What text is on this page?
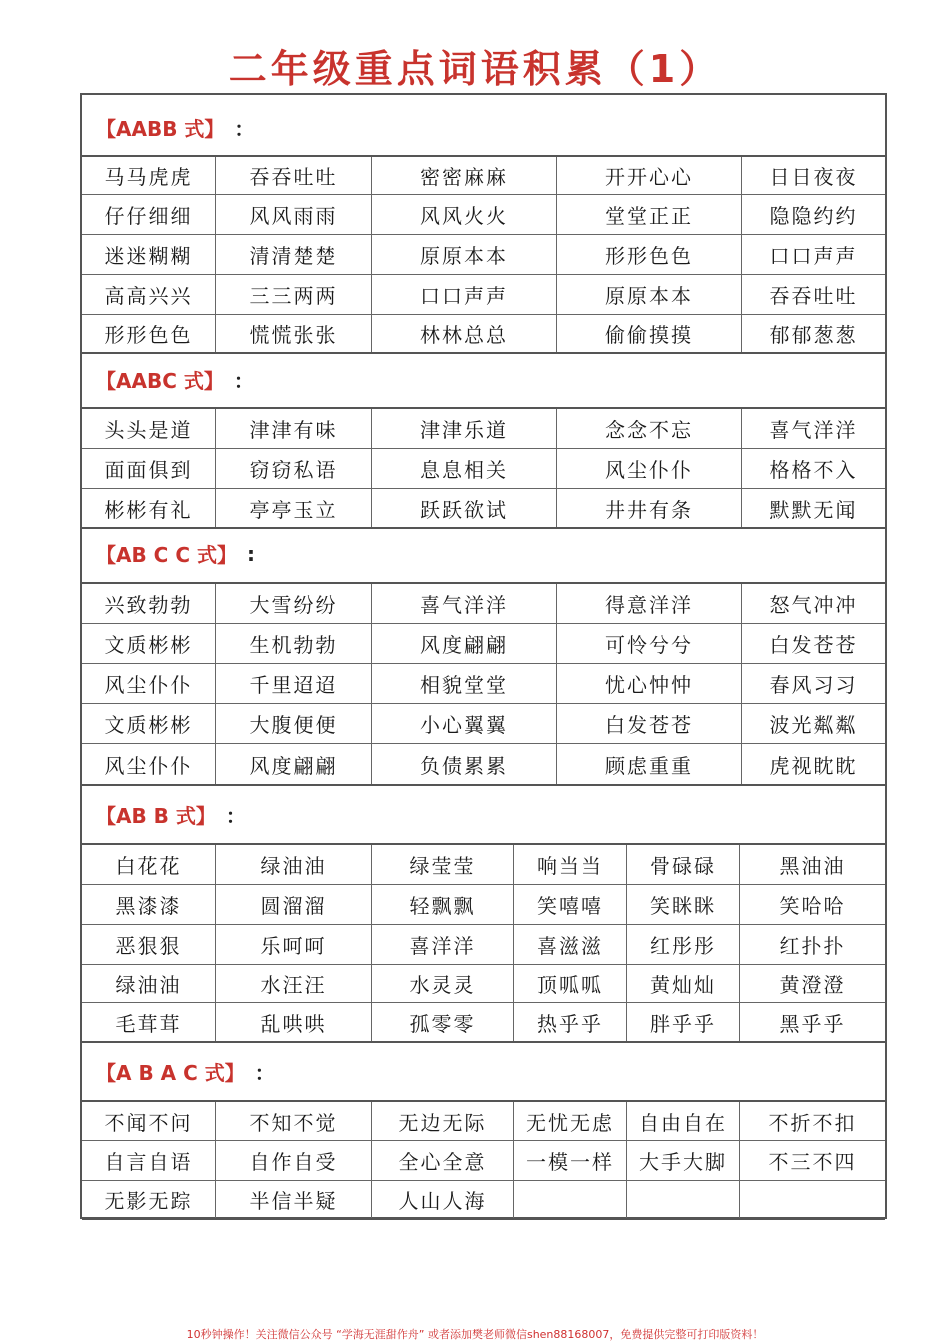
二年级重点词语积累（1）
【AABB 式】 ：
马马虎虎	吞吞吐吐	密密麻麻	开开心心	日日夜夜
仔仔细细	风风雨雨	风风火火	堂堂正正	隐隐约约
迷迷糊糊	清清楚楚	原原本本	形形色色	口口声声
高高兴兴	三三两两	口口声声	原原本本	吞吞吐吐
形形色色	慌慌张张	林林总总	偷偷摸摸	郁郁葱葱
【AABC 式】 ：
头头是道	津津有味	津津乐道	念念不忘	喜气洋洋
面面俱到	窃窃私语	息息相关	风尘仆仆	格格不入
彬彬有礼	亭亭玉立	跃跃欲试	井井有条	默默无闻
【AB C C 式】 :
兴致勃勃	大雪纷纷	喜气洋洋	得意洋洋	怒气冲冲
文质彬彬	生机勃勃	风度翩翩	可怜兮兮	白发苍苍
风尘仆仆	千里迢迢	相貌堂堂	忧心忡忡	春风习习
文质彬彬	大腹便便	小心翼翼	白发苍苍	波光粼粼
风尘仆仆	风度翩翩	负债累累	顾虑重重	虎视眈眈
【AB B 式】 ：
白花花	绿油油	绿莹莹	响当当	骨碌碌	黑油油
黑漆漆	圆溜溜	轻飘飘	笑嘻嘻	笑眯眯	笑哈哈
恶狠狠	乐呵呵	喜洋洋	喜滋滋	红彤彤	红扑扑
绿油油	水汪汪	水灵灵	顶呱呱	黄灿灿	黄澄澄
毛茸茸	乱哄哄	孤零零	热乎乎	胖乎乎	黑乎乎
【A B A C 式】 ：
不闻不问	不知不觉	无边无际	无忧无虑	自由自在	不折不扣
自言自语	自作自受	全心全意	一模一样	大手大脚	不三不四
无影无踪	半信半疑	人山人海
10秒钟操作！关注微信公众号 “学海无涯甜作舟” 或者添加樊老师微信shen88168007，免费提供完整可打印版资料！
